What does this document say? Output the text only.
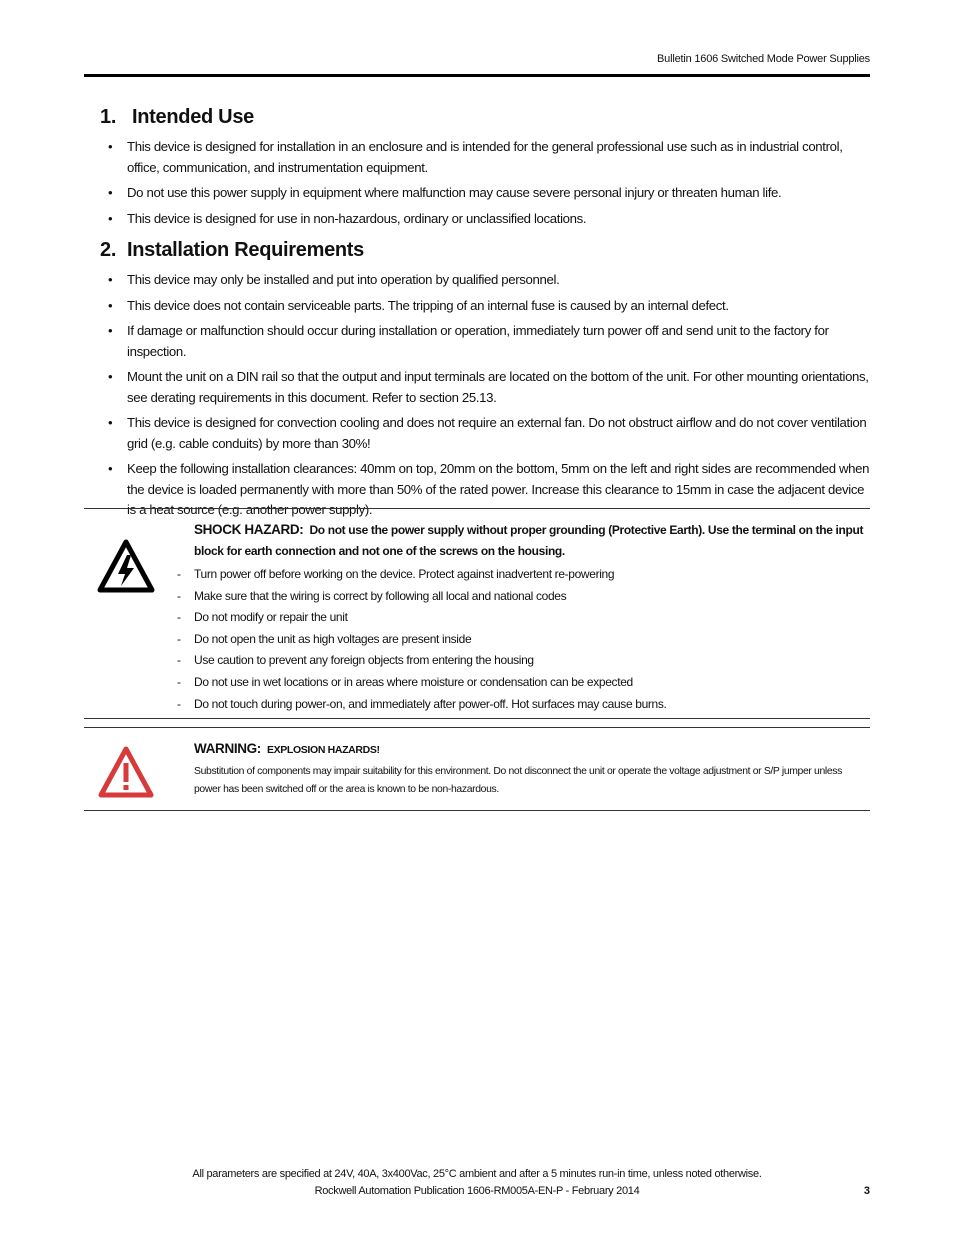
Bulletin 1606 Switched Mode Power Supplies
1. Intended Use
• This device is designed for installation in an enclosure and is intended for the general professional use such as in industrial control, office, communication, and instrumentation equipment.
• Do not use this power supply in equipment where malfunction may cause severe personal injury or threaten human life.
• This device is designed for use in non-hazardous, ordinary or unclassified locations.
2. Installation Requirements
• This device may only be installed and put into operation by qualified personnel.
• This device does not contain serviceable parts. The tripping of an internal fuse is caused by an internal defect.
• If damage or malfunction should occur during installation or operation, immediately turn power off and send unit to the factory for inspection.
• Mount the unit on a DIN rail so that the output and input terminals are located on the bottom of the unit. For other mounting orientations, see derating requirements in this document. Refer to section 25.13.
• This device is designed for convection cooling and does not require an external fan. Do not obstruct airflow and do not cover ventilation grid (e.g. cable conduits) by more than 30%!
• Keep the following installation clearances: 40mm on top, 20mm on the bottom, 5mm on the left and right sides are recommended when the device is loaded permanently with more than 50% of the rated power. Increase this clearance to 15mm in case the adjacent device is a heat source (e.g. another power supply).
SHOCK HAZARD: Do not use the power supply without proper grounding (Protective Earth). Use the terminal on the input block for earth connection and not one of the screws on the housing.
- Turn power off before working on the device. Protect against inadvertent re-powering
- Make sure that the wiring is correct by following all local and national codes
- Do not modify or repair the unit
- Do not open the unit as high voltages are present inside
- Use caution to prevent any foreign objects from entering the housing
- Do not use in wet locations or in areas where moisture or condensation can be expected
- Do not touch during power-on, and immediately after power-off. Hot surfaces may cause burns.
WARNING: EXPLOSION HAZARDS!
Substitution of components may impair suitability for this environment. Do not disconnect the unit or operate the voltage adjustment or S/P jumper unless power has been switched off or the area is known to be non-hazardous.
All parameters are specified at 24V, 40A, 3x400Vac, 25°C ambient and after a 5 minutes run-in time, unless noted otherwise.
Rockwell Automation Publication 1606-RM005A-EN-P - February 2014	3
